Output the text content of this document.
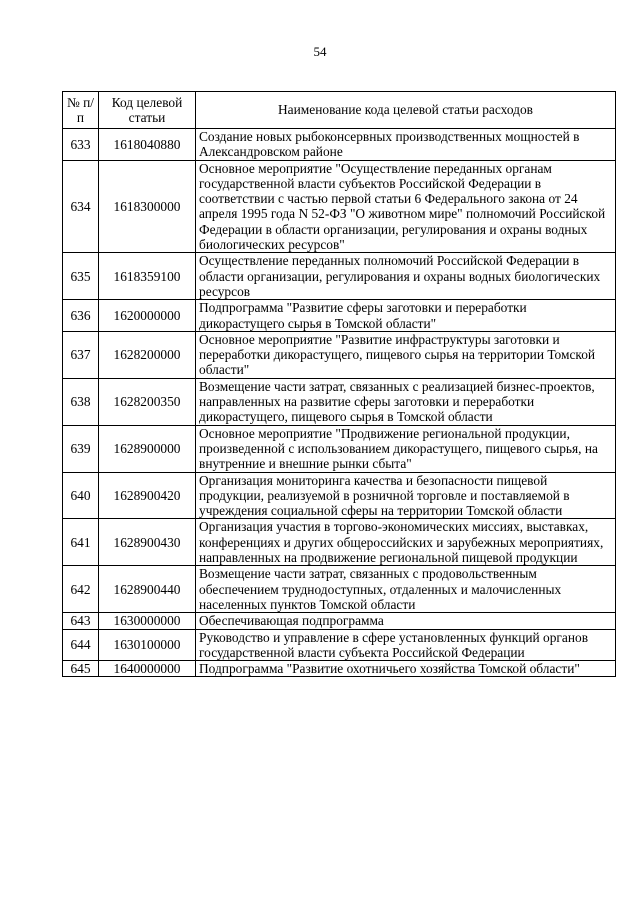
54
№ п/п	Код целевой статьи	Наименование кода целевой статьи расходов
633	1618040880	Создание новых рыбоконсервных производственных мощностей в Александровском районе
634	1618300000	Основное мероприятие "Осуществление переданных органам государственной власти субъектов Российской Федерации в соответствии с частью первой статьи 6 Федерального закона от 24 апреля 1995 года N 52-ФЗ "О животном мире" полномочий Российской Федерации в области организации, регулирования и охраны водных биологических ресурсов"
635	1618359100	Осуществление переданных полномочий Российской Федерации в области организации, регулирования и охраны водных биологических ресурсов
636	1620000000	Подпрограмма "Развитие сферы заготовки и переработки дикорастущего сырья в Томской области"
637	1628200000	Основное мероприятие "Развитие инфраструктуры заготовки и переработки дикорастущего, пищевого сырья на территории Томской области"
638	1628200350	Возмещение части затрат, связанных с реализацией бизнес-проектов, направленных на развитие сферы заготовки и переработки дикорастущего, пищевого сырья в Томской области
639	1628900000	Основное мероприятие "Продвижение региональной продукции, произведенной с использованием дикорастущего, пищевого сырья, на внутренние и внешние рынки сбыта"
640	1628900420	Организация мониторинга качества и безопасности пищевой продукции, реализуемой в розничной торговле и поставляемой в учреждения социальной сферы на территории Томской области
641	1628900430	Организация участия в торгово-экономических миссиях, выставках, конференциях и других общероссийских и зарубежных мероприятиях, направленных на продвижение региональной пищевой продукции
642	1628900440	Возмещение части затрат, связанных с продовольственным обеспечением труднодоступных, отдаленных и малочисленных населенных пунктов Томской области
643	1630000000	Обеспечивающая подпрограмма
644	1630100000	Руководство и управление в сфере установленных функций органов государственной власти субъекта Российской Федерации
645	1640000000	Подпрограмма "Развитие охотничьего хозяйства Томской области"
